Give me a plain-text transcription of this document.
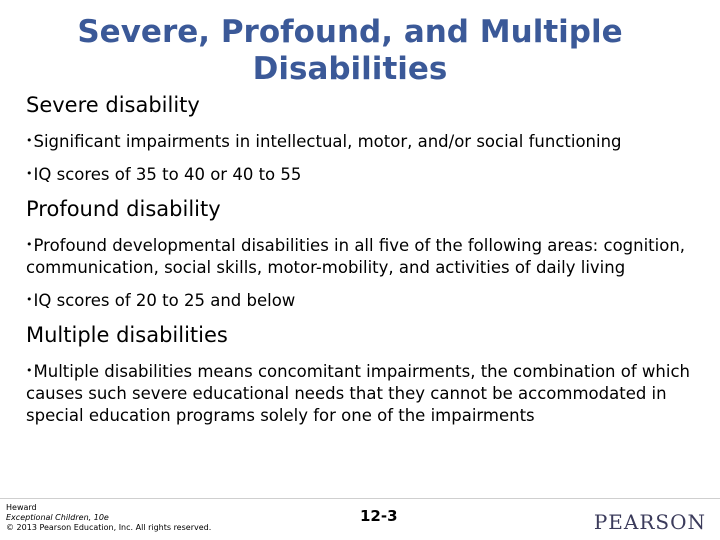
Severe, Profound, and Multiple Disabilities

Severe disability

•Significant impairments in intellectual, motor, and/or social functioning
•IQ scores of 35 to 40 or 40 to 55

Profound disability

•Profound developmental disabilities in all five of the following areas: cognition, communication, social skills, motor-mobility, and activities of daily living
•IQ scores of 20 to 25 and below

Multiple disabilities

•Multiple disabilities means concomitant impairments, the combination of which causes such severe educational needs that they cannot be accommodated in special education programs solely for one of the impairments
Heward
Exceptional Children, 10e
© 2013 Pearson Education, Inc. All rights reserved.
12-3	PEARSON
